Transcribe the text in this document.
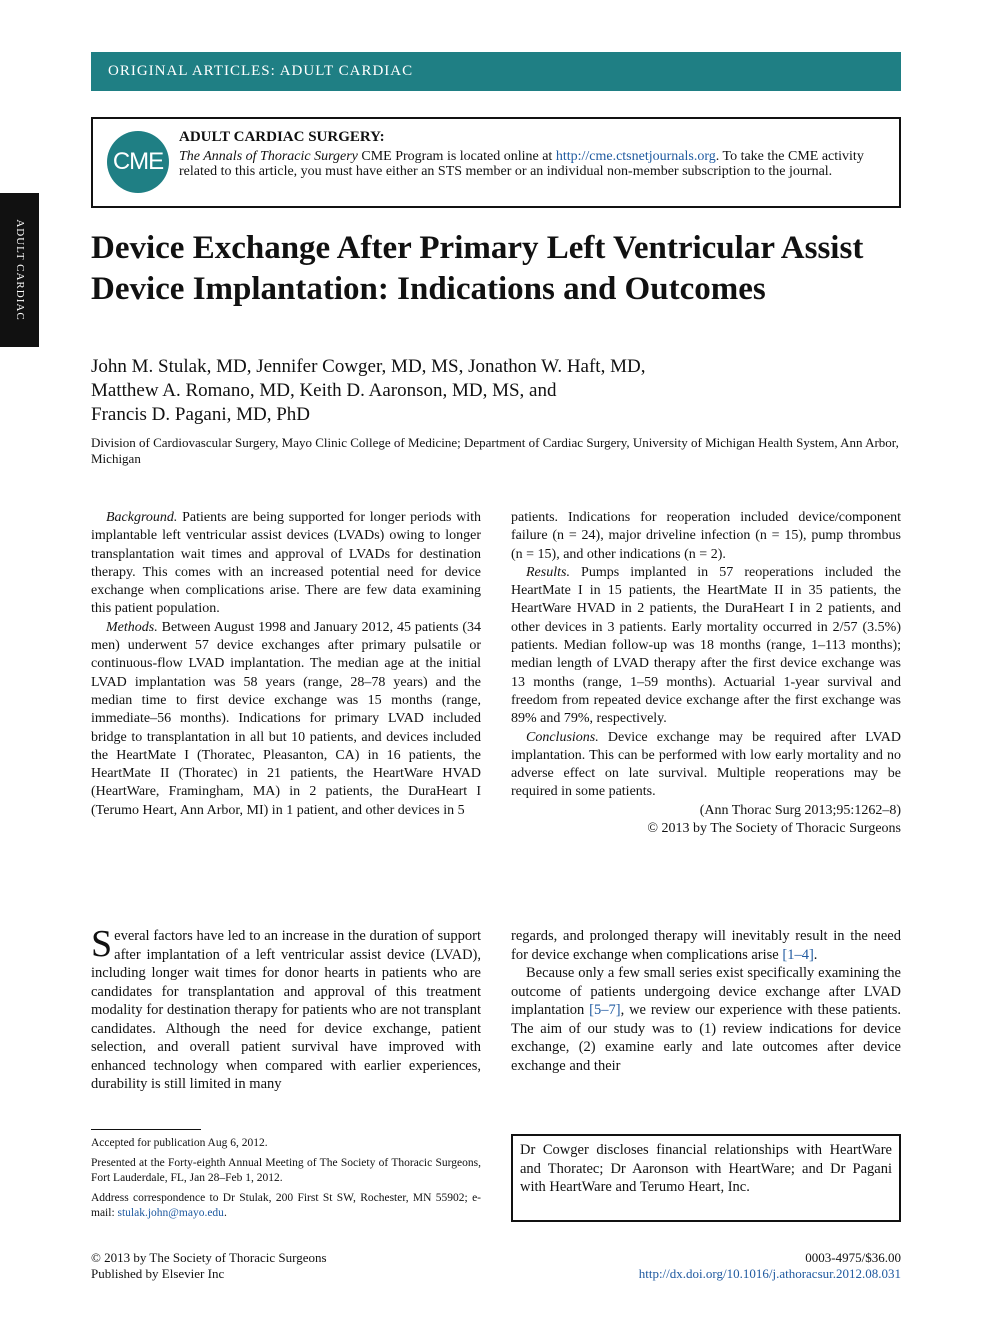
ORIGINAL ARTICLES: ADULT CARDIAC
ADULT CARDIAC
CME
ADULT CARDIAC SURGERY:
The Annals of Thoracic Surgery CME Program is located online at http://cme.ctsnetjournals.org. To take the CME activity related to this article, you must have either an STS member or an individual non-member subscription to the journal.
Device Exchange After Primary Left Ventricular Assist Device Implantation: Indications and Outcomes
John M. Stulak, MD, Jennifer Cowger, MD, MS, Jonathon W. Haft, MD,
Matthew A. Romano, MD, Keith D. Aaronson, MD, MS, and
Francis D. Pagani, MD, PhD
Division of Cardiovascular Surgery, Mayo Clinic College of Medicine; Department of Cardiac Surgery, University of Michigan Health System, Ann Arbor, Michigan

Background. Patients are being supported for longer periods with implantable left ventricular assist devices (LVADs) owing to longer transplantation wait times and approval of LVADs for destination therapy. This comes with an increased potential need for device exchange when complications arise. There are few data examining this patient population.

Methods. Between August 1998 and January 2012, 45 patients (34 men) underwent 57 device exchanges after primary pulsatile or continuous-flow LVAD implantation. The median age at the initial LVAD implantation was 58 years (range, 28–78 years) and the median time to first device exchange was 15 months (range, immediate–56 months). Indications for primary LVAD included bridge to transplantation in all but 10 patients, and devices included the HeartMate I (Thoratec, Pleasanton, CA) in 16 patients, the HeartMate II (Thoratec) in 21 patients, the HeartWare HVAD (HeartWare, Framingham, MA) in 2 patients, the DuraHeart I (Terumo Heart, Ann Arbor, MI) in 1 patient, and other devices in 5

patients. Indications for reoperation included device/component failure (n = 24), major driveline infection (n = 15), pump thrombus (n = 15), and other indications (n = 2).

Results. Pumps implanted in 57 reoperations included the HeartMate I in 15 patients, the HeartMate II in 35 patients, the HeartWare HVAD in 2 patients, the DuraHeart I in 2 patients, and other devices in 3 patients. Early mortality occurred in 2/57 (3.5%) patients. Median follow-up was 18 months (range, 1–113 months); median length of LVAD therapy after the first device exchange was 13 months (range, 1–59 months). Actuarial 1-year survival and freedom from repeated device exchange after the first exchange was 89% and 79%, respectively.

Conclusions. Device exchange may be required after LVAD implantation. This can be performed with low early mortality and no adverse effect on late survival. Multiple reoperations may be required in some patients.

(Ann Thorac Surg 2013;95:1262–8)
© 2013 by The Society of Thoracic Surgeons
Several factors have led to an increase in the duration of support after implantation of a left ventricular assist device (LVAD), including longer wait times for donor hearts in patients who are candidates for transplantation and approval of this treatment modality for destination therapy for patients who are not transplant candidates. Although the need for device exchange, patient selection, and overall patient survival have improved with enhanced technology when compared with earlier experiences, durability is still limited in many

regards, and prolonged therapy will inevitably result in the need for device exchange when complications arise [1–4].

Because only a few small series exist specifically examining the outcome of patients undergoing device exchange after LVAD implantation [5–7], we review our experience with these patients. The aim of our study was to (1) review indications for device exchange, (2) examine early and late outcomes after device exchange and their

Accepted for publication Aug 6, 2012.

Presented at the Forty-eighth Annual Meeting of The Society of Thoracic Surgeons, Fort Lauderdale, FL, Jan 28–Feb 1, 2012.

Address correspondence to Dr Stulak, 200 First St SW, Rochester, MN 55902; e-mail: stulak.john@mayo.edu.

Dr Cowger discloses financial relationships with HeartWare and Thoratec; Dr Aaronson with HeartWare; and Dr Pagani with HeartWare and Terumo Heart, Inc.
© 2013 by The Society of Thoracic Surgeons
Published by Elsevier Inc
0003-4975/$36.00
http://dx.doi.org/10.1016/j.athoracsur.2012.08.031
